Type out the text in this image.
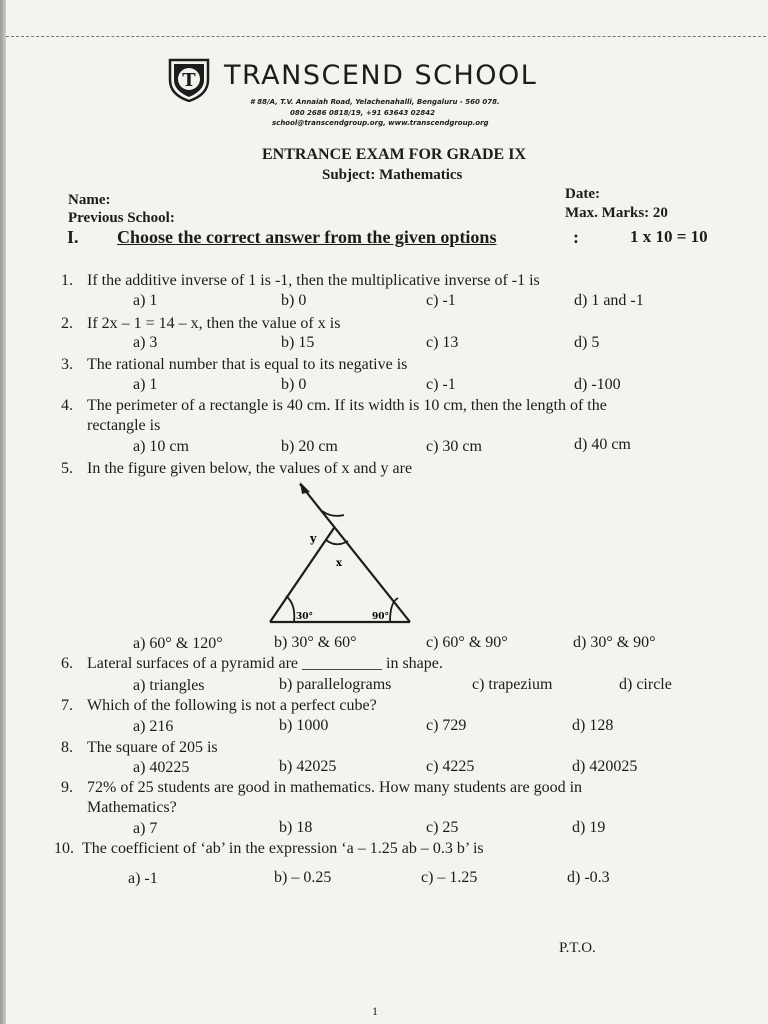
T TRANSCEND SCHOOL
# 88/A, T.V. Annaiah Road, Yelachenahalli, Bengaluru - 560 078.
080 2686 0818/19, +91 63643 02842
school@transcendgroup.org, www.transcendgroup.org
ENTRANCE EXAM FOR GRADE IX
Subject: Mathematics
Name:
Previous School:
Date:
Max. Marks: 20
I. Choose the correct answer from the given options	:	1 x 10 = 10
1. If the additive inverse of 1 is -1, then the multiplicative inverse of -1 is
a) 1	b) 0	c) -1	d) 1 and -1
2. If 2x – 1 = 14 – x, then the value of x is
a) 3	b) 15	c) 13	d) 5
3. The rational number that is equal to its negative is
a) 1	b) 0	c) -1	d) -100
4. The perimeter of a rectangle is 40 cm. If its width is 10 cm, then the length of the
rectangle is
a) 10 cm	b) 20 cm	c) 30 cm	d) 40 cm
5. In the figure given below, the values of x and y are
y
x
30°	90°
a) 60° & 120°	b) 30° & 60°	c) 60° & 90°	d) 30° & 90°
6. Lateral surfaces of a pyramid are __________ in shape.
a) triangles	b) parallelograms	c) trapezium	d) circle
7. Which of the following is not a perfect cube?
a) 216	b) 1000	c) 729	d) 128
8. The square of 205 is
a) 40225	b) 42025	c) 4225	d) 420025
9. 72% of 25 students are good in mathematics. How many students are good in
Mathematics?
a) 7	b) 18	c) 25	d) 19
10. The coefficient of ‘ab’ in the expression ‘a – 1.25 ab – 0.3 b’ is
a) -1	b) – 0.25	c) – 1.25	d) -0.3
P.T.O.
1
